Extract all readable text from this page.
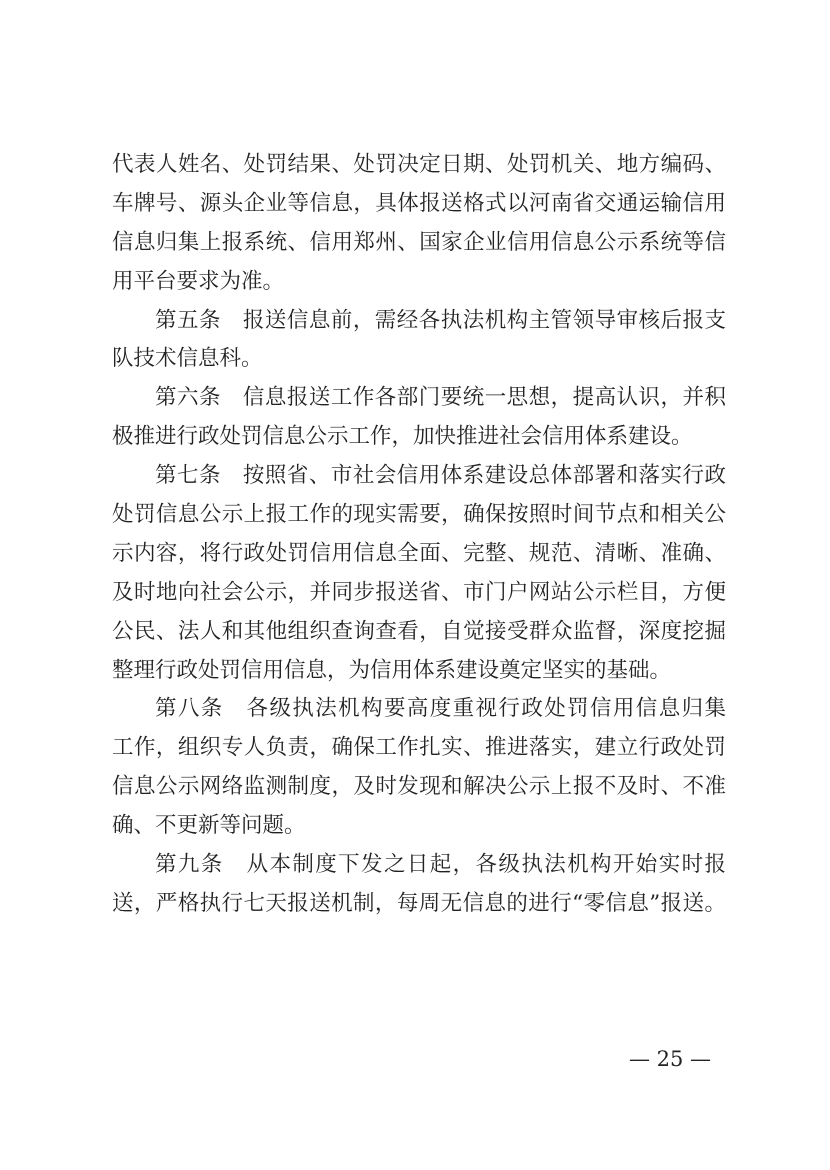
代表人姓名、处罚结果、处罚决定日期、处罚机关、地方编码、
车牌号、源头企业等信息，具体报送格式以河南省交通运输信用
信息归集上报系统、信用郑州、国家企业信用信息公示系统等信
用平台要求为准。
第五条　报送信息前，需经各执法机构主管领导审核后报支
队技术信息科。
第六条　信息报送工作各部门要统一思想，提高认识，并积
极推进行政处罚信息公示工作，加快推进社会信用体系建设。
第七条　按照省、市社会信用体系建设总体部署和落实行政
处罚信息公示上报工作的现实需要，确保按照时间节点和相关公
示内容，将行政处罚信用信息全面、完整、规范、清晰、准确、
及时地向社会公示，并同步报送省、市门户网站公示栏目，方便
公民、法人和其他组织查询查看，自觉接受群众监督，深度挖掘
整理行政处罚信用信息，为信用体系建设奠定坚实的基础。
第八条　各级执法机构要高度重视行政处罚信用信息归集
工作，组织专人负责，确保工作扎实、推进落实，建立行政处罚
信息公示网络监测制度，及时发现和解决公示上报不及时、不准
确、不更新等问题。
第九条　从本制度下发之日起，各级执法机构开始实时报
送，严格执行七天报送机制，每周无信息的进行“零信息”报送。
— 25 —
